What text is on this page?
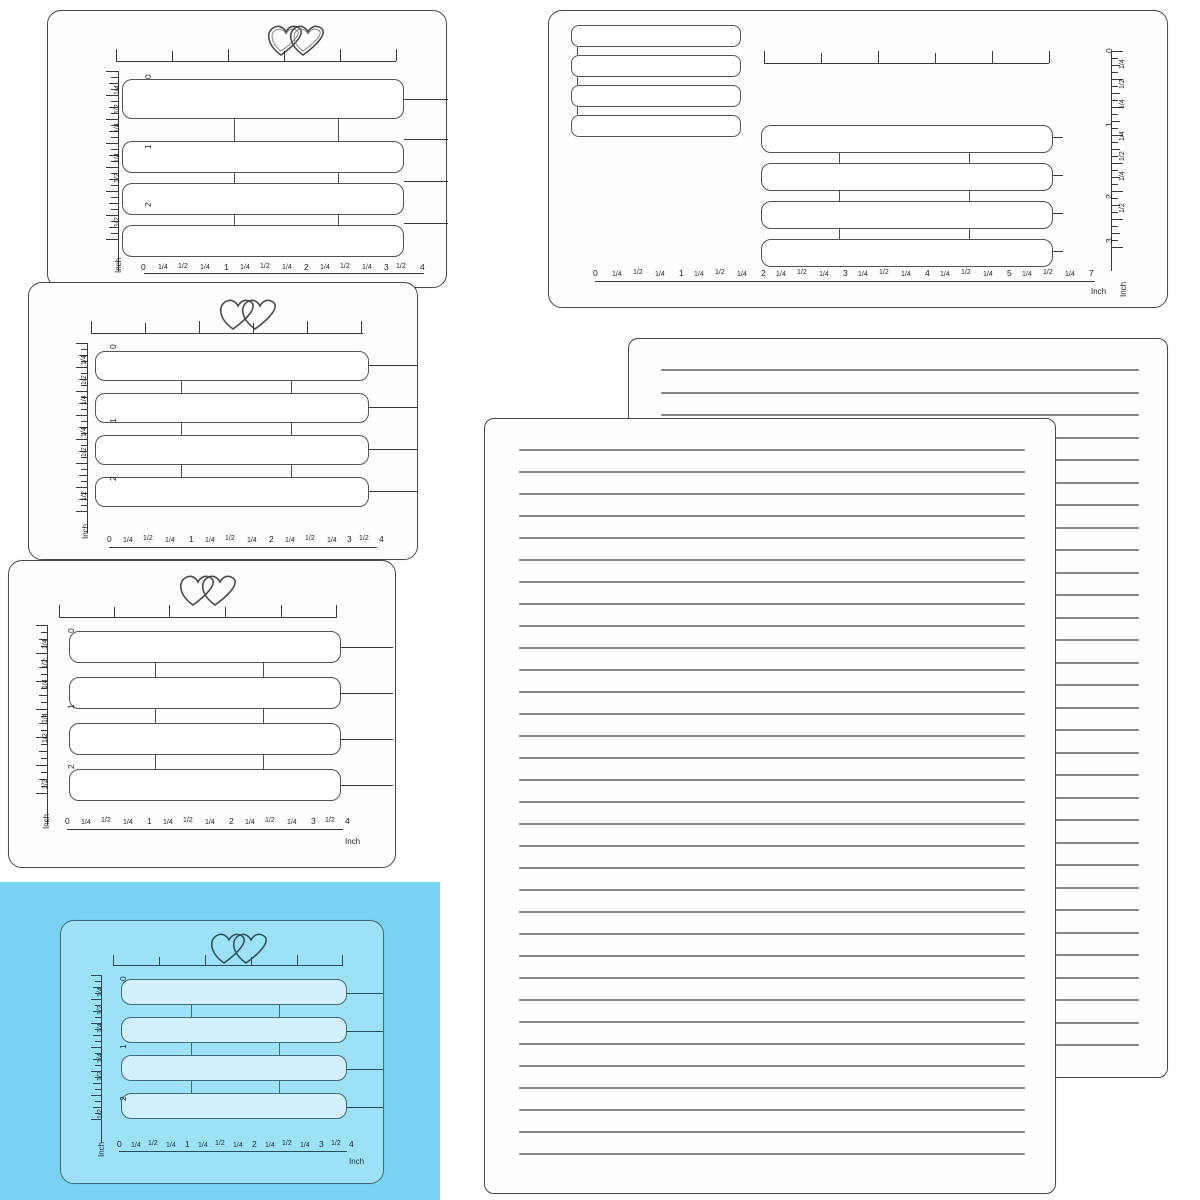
0
1/4
1/2
1/4
1
1/4
1/2
2
1/2
Inch 0 1/4 1/2 1/4 1 1/4 1/2 1/4 2 1/4 1/2 1/4 3 1/2 4
0
1/4
1/2
1/4
1
1/4
1/2
1/4
2
1/2
3
Inch
0 1/4 1/2 1/4 1 1/4 1/2 1/4 2 1/4 1/2 1/4 3 1/4 1/2 1/4 4 1/4 1/2 1/4 5 1/4 1/2 1/4 7
Inch
0
1/4
1/2
1/4
1
1/4
1/2
2
1/2
Inch 0 1/4 1/2 1/4 1 1/4 1/2 1/4 2 1/4 1/2 1/4 3 1/2 4
0
1/4
1/2
1/4
1
1/4
1/2
2
1/2
Inch 0 1/4 1/2 1/4 1 1/4 1/2 1/4 2 1/4 1/2 1/4 3 1/2 4
Inch
0
1/4
1/2
1/4
1
1/4
1/2
2
1/2
Inch 0 1/4 1/2 1/4 1 1/4 1/2 1/4 2 1/4 1/2 1/4 3 1/2 4
Inch
